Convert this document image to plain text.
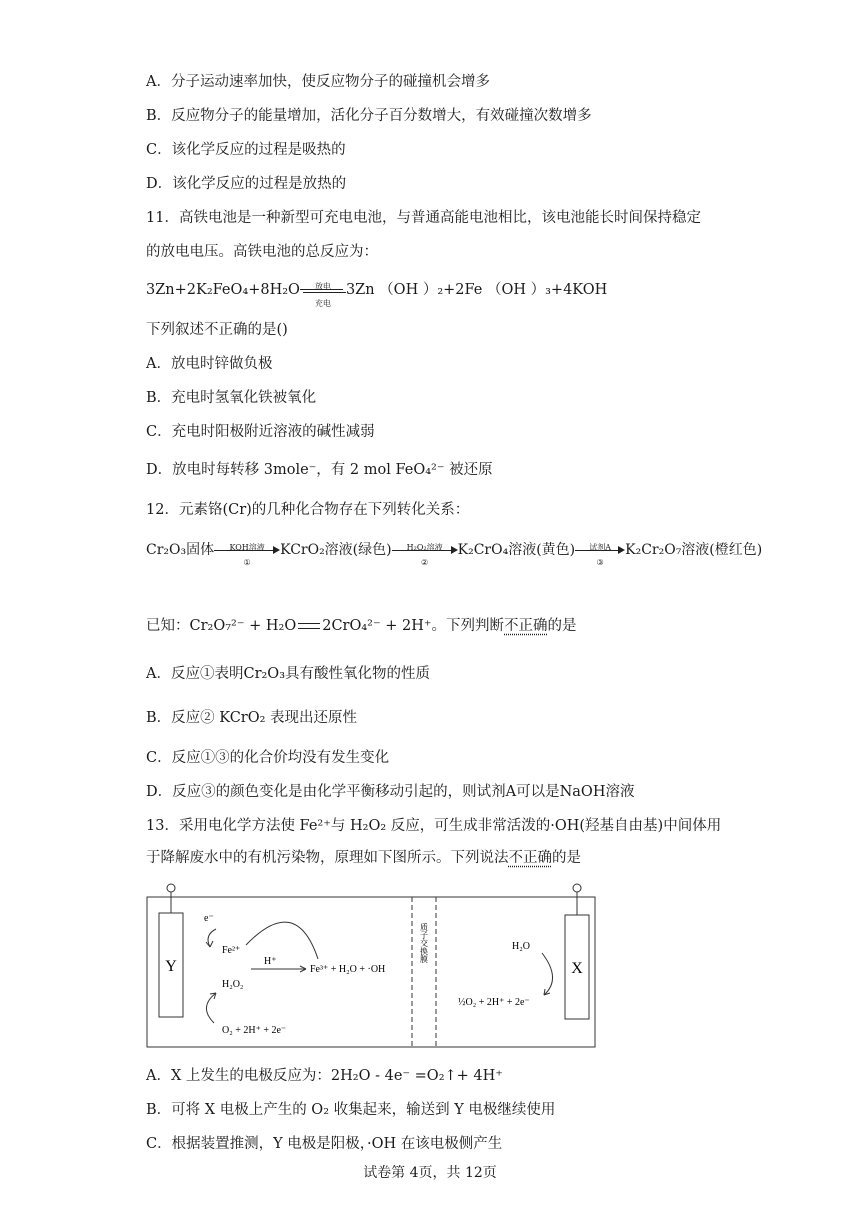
A．分子运动速率加快，使反应物分子的碰撞机会增多
B．反应物分子的能量增加，活化分子百分数增大，有效碰撞次数增多
C．该化学反应的过程是吸热的
D．该化学反应的过程是放热的
11．高铁电池是一种新型可充电电池，与普通高能电池相比，该电池能长时间保持稳定
的放电电压。高铁电池的总反应为：
3Zn+2K₂FeO₄+8H₂O	放电
充电
3Zn （OH ）₂+2Fe （OH ）₃+4KOH
下列叙述不正确的是()
A．放电时锌做负极
B．充电时氢氧化铁被氧化
C．充电时阳极附近溶液的碱性减弱
D．放电时每转移 3mole⁻，有 2 mol FeO₄²⁻ 被还原
12．元素铬(Cr)的几种化合物存在下列转化关系：
Cr₂O₃固体	KOH溶液
①
KCrO₂溶液(绿色)	H₂O₂溶液
②
K₂CrO₄溶液(黄色)	试剂A
③
K₂Cr₂O₇溶液(橙红色)
已知：Cr₂O₇²⁻ + H₂O 2CrO₄²⁻ + 2H⁺。下列判断不正确的是
A．反应①表明Cr₂O₃具有酸性氧化物的性质
B．反应② KCrO₂ 表现出还原性
C．反应①③的化合价均没有发生变化
D．反应③的颜色变化是由化学平衡移动引起的，则试剂A可以是NaOH溶液
13．采用电化学方法使 Fe²⁺与 H₂O₂ 反应，可生成非常活泼的·OH(羟基自由基)中间体用
于降解废水中的有机污染物，原理如下图所示。下列说法不正确的是
Y	X
质子交换膜
e⁻
Fe²⁺
H⁺
Fe³⁺ + H₂O + ·OH
H₂O₂
O₂ + 2H⁺ + 2e⁻
H₂O
½O₂ + 2H⁺ + 2e⁻
A．X 上发生的电极反应为：2H₂O - 4e⁻ =O₂↑+ 4H⁺
B．可将 X 电极上产生的 O₂ 收集起来，输送到 Y 电极继续使用
C．根据装置推测，Y 电极是阳极，·OH 在该电极侧产生
试卷第 4页，共 12页
